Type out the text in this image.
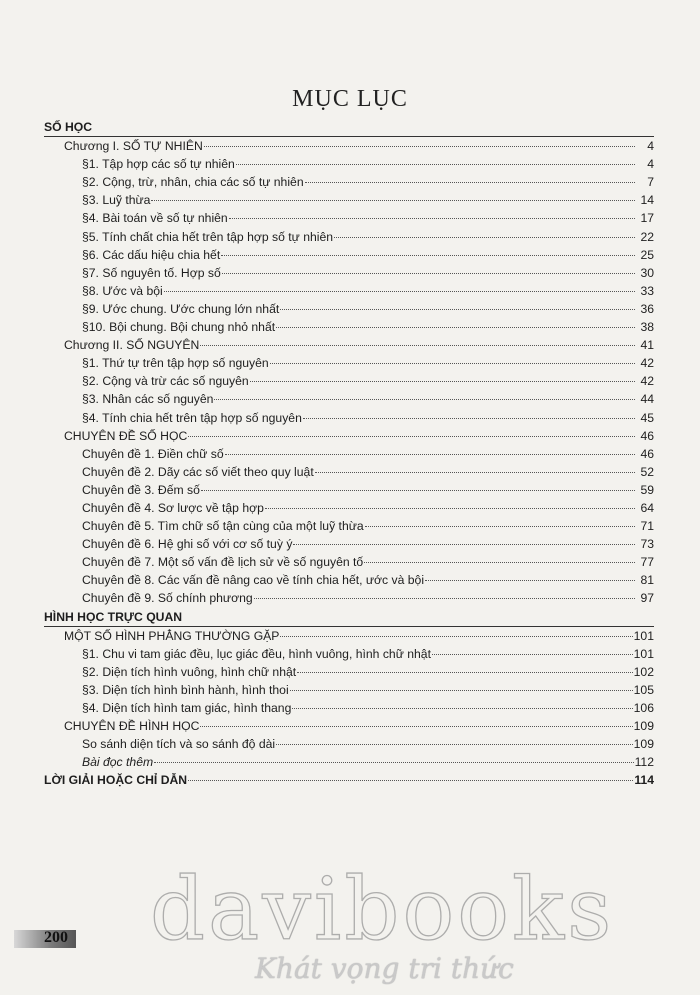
MỤC LỤC
SỐ HỌC
Chương I. SỐ TỰ NHIÊN	4
§1. Tập hợp các số tự nhiên	4
§2. Cộng, trừ, nhân, chia các số tự nhiên	7
§3. Luỹ thừa	14
§4. Bài toán về số tự nhiên	17
§5. Tính chất chia hết trên tập hợp số tự nhiên	22
§6. Các dấu hiệu chia hết	25
§7. Số nguyên tố. Hợp số	30
§8. Ước và bội	33
§9. Ước chung. Ước chung lớn nhất	36
§10. Bội chung. Bội chung nhỏ nhất	38
Chương II. SỐ NGUYÊN	41
§1. Thứ tự trên tập hợp số nguyên	42
§2. Cộng và trừ các số nguyên	42
§3. Nhân các số nguyên	44
§4. Tính chia hết trên tập hợp số nguyên	45
CHUYÊN ĐỀ SỐ HỌC	46
Chuyên đề 1. Điền chữ số	46
Chuyên đề 2. Dãy các số viết theo quy luật	52
Chuyên đề 3. Đếm số	59
Chuyên đề 4. Sơ lược về tập hợp	64
Chuyên đề 5. Tìm chữ số tận cùng của một luỹ thừa	71
Chuyên đề 6. Hệ ghi số với cơ số tuỳ ý	73
Chuyên đề 7. Một số vấn đề lịch sử về số nguyên tố	77
Chuyên đề 8. Các vấn đề nâng cao về tính chia hết, ước và bội	81
Chuyên đề 9. Số chính phương	97
HÌNH HỌC TRỰC QUAN
MỘT SỐ HÌNH PHẲNG THƯỜNG GẶP	101
§1. Chu vi tam giác đều, lục giác đều, hình vuông, hình chữ nhật	101
§2. Diện tích hình vuông, hình chữ nhật	102
§3. Diện tích hình bình hành, hình thoi	105
§4. Diện tích hình tam giác, hình thang	106
CHUYÊN ĐỀ HÌNH HỌC	109
So sánh diện tích và so sánh độ dài	109
Bài đọc thêm	112
LỜI GIẢI HOẶC CHỈ DẪN	114
200 davibooks
Khát vọng tri thức
